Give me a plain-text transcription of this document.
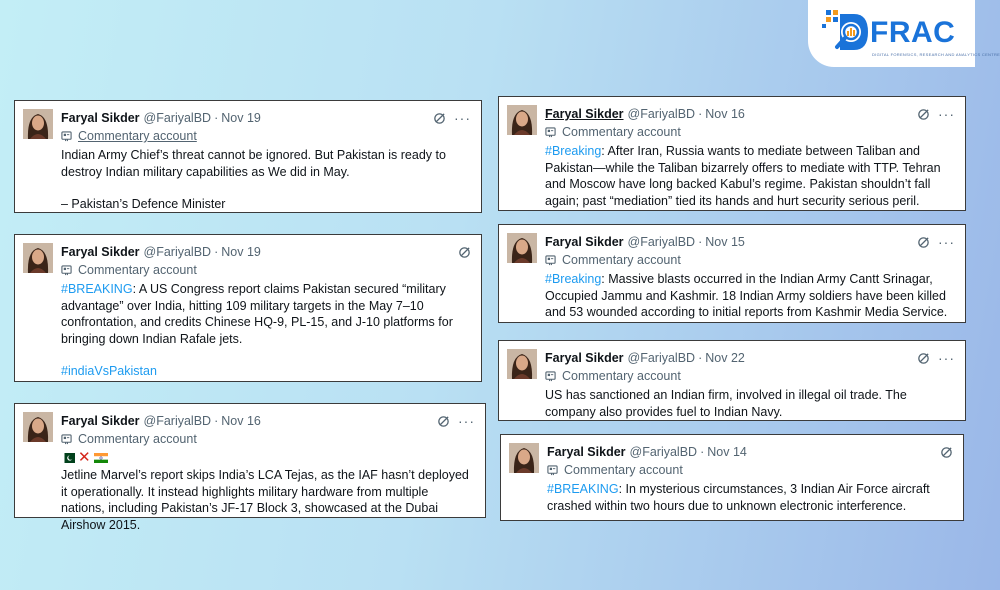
FRAC
DIGITAL FORENSICS, RESEARCH AND ANALYTICS CENTRE
Faryal Sikder @FariyalBD · Nov 19	···
Commentary account

Indian Army Chief’s threat cannot be ignored. But Pakistan is ready to destroy Indian military capabilities as We did in May.

– Pakistan’s Defence Minister

Faryal Sikder @FariyalBD · Nov 19
Commentary account

#BREAKING: A US Congress report claims Pakistan secured “military advantage” over India, hitting 109 military targets in the May 7–10 confrontation, and credits Chinese HQ-9, PL-15, and J-10 platforms for bringing down Indian Rafale jets.

#indiaVsPakistan

Faryal Sikder @FariyalBD · Nov 16	···
Commentary account
✕

Jetline Marvel’s report skips India’s LCA Tejas, as the IAF hasn’t deployed it operationally. It instead highlights military hardware from multiple nations, including Pakistan’s JF-17 Block 3, showcased at the Dubai Airshow 2015.

Faryal Sikder @FariyalBD · Nov 16	···
Commentary account

#Breaking: After Iran, Russia wants to mediate between Taliban and Pakistan—while the Taliban bizarrely offers to mediate with TTP. Tehran and Moscow have long backed Kabul’s regime. Pakistan shouldn’t fall again; past “mediation” tied its hands and hurt security serious peril.

Faryal Sikder @FariyalBD · Nov 15	···
Commentary account

#Breaking: Massive blasts occurred in the Indian Army Cantt Srinagar, Occupied Jammu and Kashmir. 18 Indian Army soldiers have been killed and 53 wounded according to initial reports from Kashmir Media Service.

Faryal Sikder @FariyalBD · Nov 22	···
Commentary account

US has sanctioned an Indian firm, involved in illegal oil trade. The company also provides fuel to Indian Navy.

Faryal Sikder @FariyalBD · Nov 14
Commentary account

#BREAKING: In mysterious circumstances, 3 Indian Air Force aircraft crashed within two hours due to unknown electronic interference.
